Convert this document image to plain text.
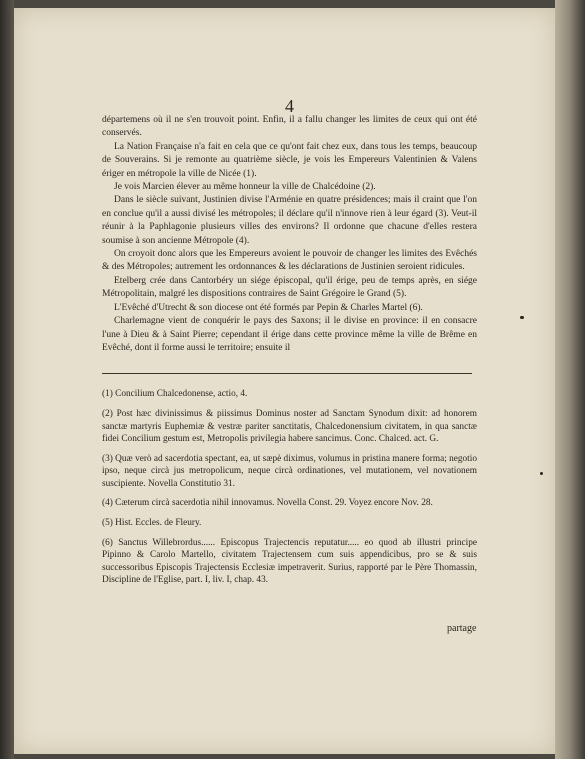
4

départemens où il ne s'en trouvoit point. Enfin, il a fallu changer les limites de ceux qui ont été conservés.

La Nation Française n'a fait en cela que ce qu'ont fait chez eux, dans tous les temps, beaucoup de Souverains. Si je remonte au quatrième siècle, je vois les Empereurs Valentinien & Valens ériger en métropole la ville de Nicée (1).

Je vois Marcien élever au même honneur la ville de Chalcédoine (2).

Dans le siècle suivant, Justinien divise l'Arménie en quatre présidences; mais il craint que l'on en conclue qu'il a aussi divisé les métropoles; il déclare qu'il n'innove rien à leur égard (3). Veut-il réunir à la Paphlagonie plusieurs villes des environs? Il ordonne que chacune d'elles restera soumise à son ancienne Métropole (4).

On croyoit donc alors que les Empereurs avoient le pouvoir de changer les limites des Evêchés & des Métropoles; autrement les ordonnances & les déclarations de Justinien seroient ridicules.

Etelberg crée dans Cantorbéry un siége épiscopal, qu'il érige, peu de temps après, en siége Métropolitain, malgré les dispositions contraires de Saint Grégoire le Grand (5).

L'Evêché d'Utrecht & son diocese ont été formés par Pepin & Charles Martel (6).

Charlemagne vient de conquérir le pays des Saxons; il le divise en province: il en consacre l'une à Dieu & à Saint Pierre; cependant il érige dans cette province même la ville de Brême en Evêché, dont il forme aussi le territoire; ensuite il

(1) Concilium Chalcedonense, actio, 4.

(2) Post hæc divinissimus & piissimus Dominus noster ad Sanctam Synodum dixit: ad honorem sanctæ martyris Euphemiæ & vestræ pariter sanctitatis, Chalcedonensium civitatem, in qua sanctæ fidei Concilium gestum est, Metropolis privilegia habere sancimus. Conc. Chalced. act. G.

(3) Quæ verò ad sacerdotia spectant, ea, ut sæpè diximus, volumus in pristina manere forma; negotio ipso, neque circà jus metropolicum, neque circà ordinationes, vel mutationem, vel novationem suscipiente. Novella Constitutio 31.

(4) Cæterum circà sacerdotia nihil innovamus. Novella Const. 29. Voyez encore Nov. 28.

(5) Hist. Eccles. de Fleury.

(6) Sanctus Willebrordus...... Episcopus Trajectencis reputatur..... eo quod ab illustri principe Pipinno & Carolo Martello, civitatem Trajectensem cum suis appendicibus, pro se & suis successoribus Episcopis Trajectensis Ecclesiæ impetraverit. Surius, rapporté par le Père Thomassin, Discipline de l'Eglise, part. I, liv. I, chap. 43.

partage
